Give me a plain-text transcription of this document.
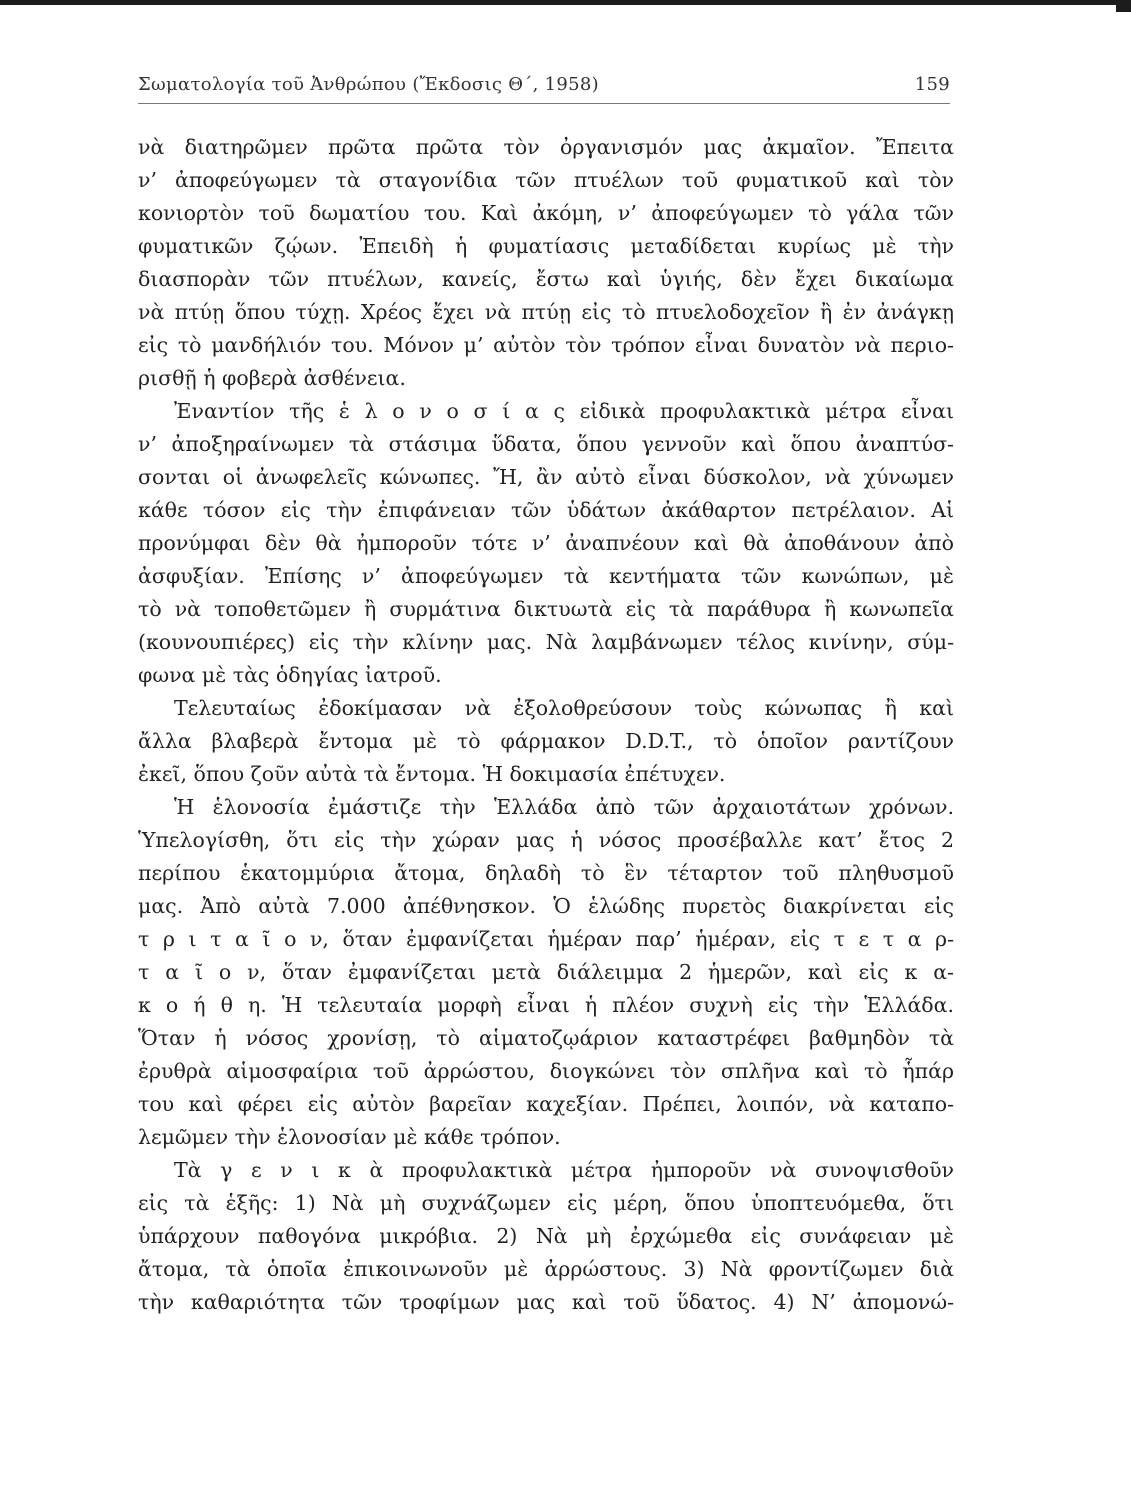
Σωματολογία τοῦ Ἀνθρώπου (Ἔκδοσις Θ΄, 1958)	159
νὰ διατηρῶμεν πρῶτα πρῶτα τὸν ὀργανισμόν μας ἀκμαῖον. Ἔπειτα
ν’ ἀποφεύγωμεν τὰ σταγονίδια τῶν πτυέλων τοῦ φυματικοῦ καὶ τὸν
κονιορτὸν τοῦ δωματίου του. Καὶ ἀκόμη, ν’ ἀποφεύγωμεν τὸ γάλα τῶν
φυματικῶν ζῴων. Ἐπειδὴ ἡ φυματίασις μεταδίδεται κυρίως μὲ τὴν
διασπορὰν τῶν πτυέλων, κανείς, ἔστω καὶ ὑγιής, δὲν ἔχει δικαίωμα
νὰ πτύῃ ὅπου τύχῃ. Χρέος ἔχει νὰ πτύῃ εἰς τὸ πτυελοδοχεῖον ἢ ἐν ἀνάγκῃ
εἰς τὸ μανδήλιόν του. Μόνον μ’ αὐτὸν τὸν τρόπον εἶναι δυνατὸν νὰ περιο-
ρισθῇ ἡ φοβερὰ ἀσθένεια.
Ἐναντίον τῆς ἑ λ ο ν ο σ ί α ς εἰδικὰ προφυλακτικὰ μέτρα εἶναι
ν’ ἀποξηραίνωμεν τὰ στάσιμα ὕδατα, ὅπου γεννοῦν καὶ ὅπου ἀναπτύσ-
σονται οἱ ἀνωφελεῖς κώνωπες. Ἤ, ἂν αὐτὸ εἶναι δύσκολον, νὰ χύνωμεν
κάθε τόσον εἰς τὴν ἐπιφάνειαν τῶν ὑδάτων ἀκάθαρτον πετρέλαιον. Αἱ
προνύμφαι δὲν θὰ ἠμποροῦν τότε ν’ ἀναπνέουν καὶ θὰ ἀποθάνουν ἀπὸ
ἀσφυξίαν. Ἐπίσης ν’ ἀποφεύγωμεν τὰ κεντήματα τῶν κωνώπων, μὲ
τὸ νὰ τοποθετῶμεν ἢ συρμάτινα δικτυωτὰ εἰς τὰ παράθυρα ἢ κωνωπεῖα
(κουνουπιέρες) εἰς τὴν κλίνην μας. Νὰ λαμβάνωμεν τέλος κινίνην, σύμ-
φωνα μὲ τὰς ὁδηγίας ἰατροῦ.
Τελευταίως ἐδοκίμασαν νὰ ἐξολοθρεύσουν τοὺς κώνωπας ἢ καὶ
ἄλλα βλαβερὰ ἔντομα μὲ τὸ φάρμακον D.D.T., τὸ ὁποῖον ραντίζουν
ἐκεῖ, ὅπου ζοῦν αὐτὰ τὰ ἔντομα. Ἡ δοκιμασία ἐπέτυχεν.
Ἡ ἑλονοσία ἐμάστιζε τὴν Ἑλλάδα ἀπὸ τῶν ἀρχαιοτάτων χρόνων.
Ὑπελογίσθη, ὅτι εἰς τὴν χώραν μας ἡ νόσος προσέβαλλε κατ’ ἔτος 2
περίπου ἑκατομμύρια ἄτομα, δηλαδὴ τὸ ἓν τέταρτον τοῦ πληθυσμοῦ
μας. Ἀπὸ αὐτὰ 7.000 ἀπέθνησκον. Ὁ ἑλώδης πυρετὸς διακρίνεται εἰς
τ ρ ι τ α ῖ ο ν, ὅταν ἐμφανίζεται ἡμέραν παρ’ ἡμέραν, εἰς τ ε τ α ρ-
τ α ῖ ο ν, ὅταν ἐμφανίζεται μετὰ διάλειμμα 2 ἡμερῶν, καὶ εἰς κ α-
κ ο ή θ η. Ἡ τελευταία μορφὴ εἶναι ἡ πλέον συχνὴ εἰς τὴν Ἑλλάδα.
Ὅταν ἡ νόσος χρονίσῃ, τὸ αἱματοζῳάριον καταστρέφει βαθμηδὸν τὰ
ἐρυθρὰ αἱμοσφαίρια τοῦ ἀρρώστου, διογκώνει τὸν σπλῆνα καὶ τὸ ἧπάρ
του καὶ φέρει εἰς αὐτὸν βαρεῖαν καχεξίαν. Πρέπει, λοιπόν, νὰ καταπο-
λεμῶμεν τὴν ἑλονοσίαν μὲ κάθε τρόπον.
Τὰ γ ε ν ι κ ὰ προφυλακτικὰ μέτρα ἠμποροῦν νὰ συνοψισθοῦν
εἰς τὰ ἑξῆς: 1) Νὰ μὴ συχνάζωμεν εἰς μέρη, ὅπου ὑποπτευόμεθα, ὅτι
ὑπάρχουν παθογόνα μικρόβια. 2) Νὰ μὴ ἐρχώμεθα εἰς συνάφειαν μὲ
ἄτομα, τὰ ὁποῖα ἐπικοινωνοῦν μὲ ἀρρώστους. 3) Νὰ φροντίζωμεν διὰ
τὴν καθαριότητα τῶν τροφίμων μας καὶ τοῦ ὕδατος. 4) Ν’ ἀπομονώ-
